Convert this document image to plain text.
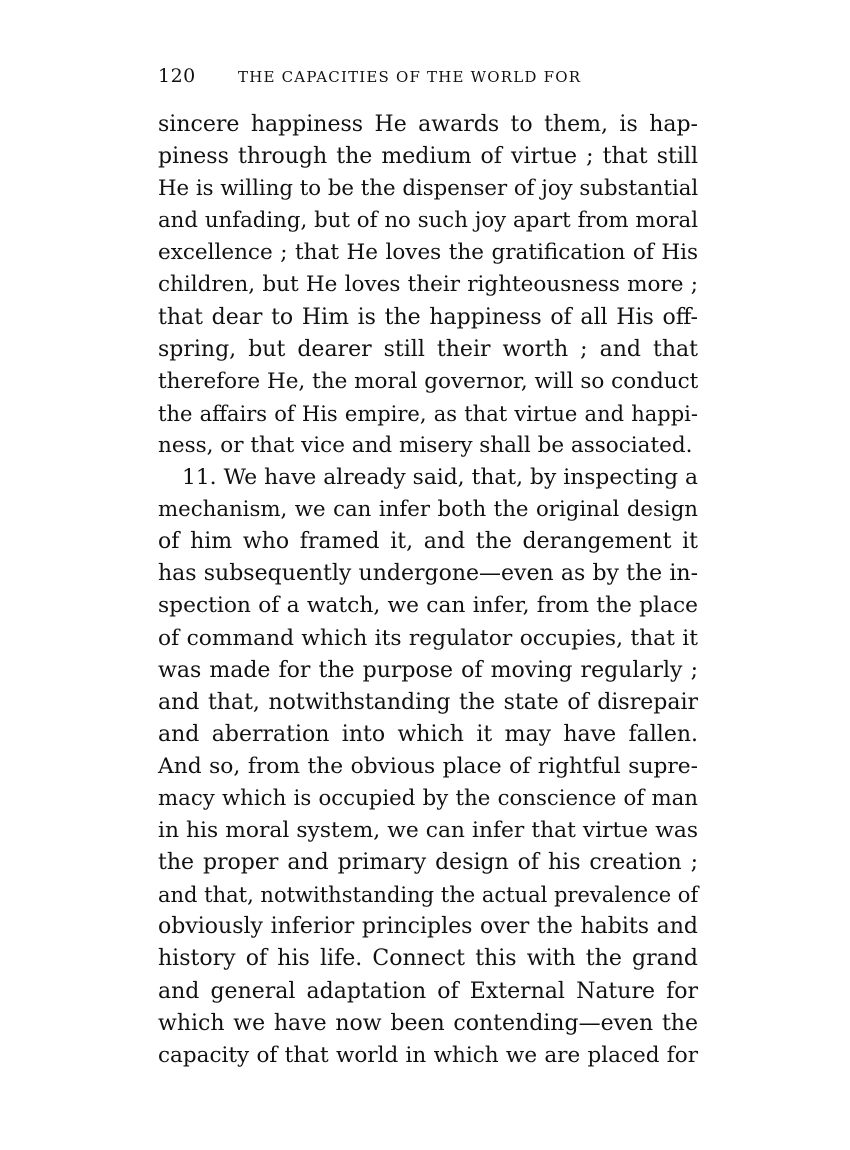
120	THE CAPACITIES OF THE WORLD FOR
sincere happiness He awards to them, is hap-
piness through the medium of virtue ; that still
He is willing to be the dispenser of joy substantial
and unfading, but of no such joy apart from moral
excellence ; that He loves the gratification of His
children, but He loves their righteousness more ;
that dear to Him is the happiness of all His off-
spring, but dearer still their worth ; and that
therefore He, the moral governor, will so conduct
the affairs of His empire, as that virtue and happi-
ness, or that vice and misery shall be associated.
11. We have already said, that, by inspecting a
mechanism, we can infer both the original design
of him who framed it, and the derangement it
has subsequently undergone—even as by the in-
spection of a watch, we can infer, from the place
of command which its regulator occupies, that it
was made for the purpose of moving regularly ;
and that, notwithstanding the state of disrepair
and aberration into which it may have fallen.
And so, from the obvious place of rightful supre-
macy which is occupied by the conscience of man
in his moral system, we can infer that virtue was
the proper and primary design of his creation ;
and that, notwithstanding the actual prevalence of
obviously inferior principles over the habits and
history of his life. Connect this with the grand
and general adaptation of External Nature for
which we have now been contending—even the
capacity of that world in which we are placed for
